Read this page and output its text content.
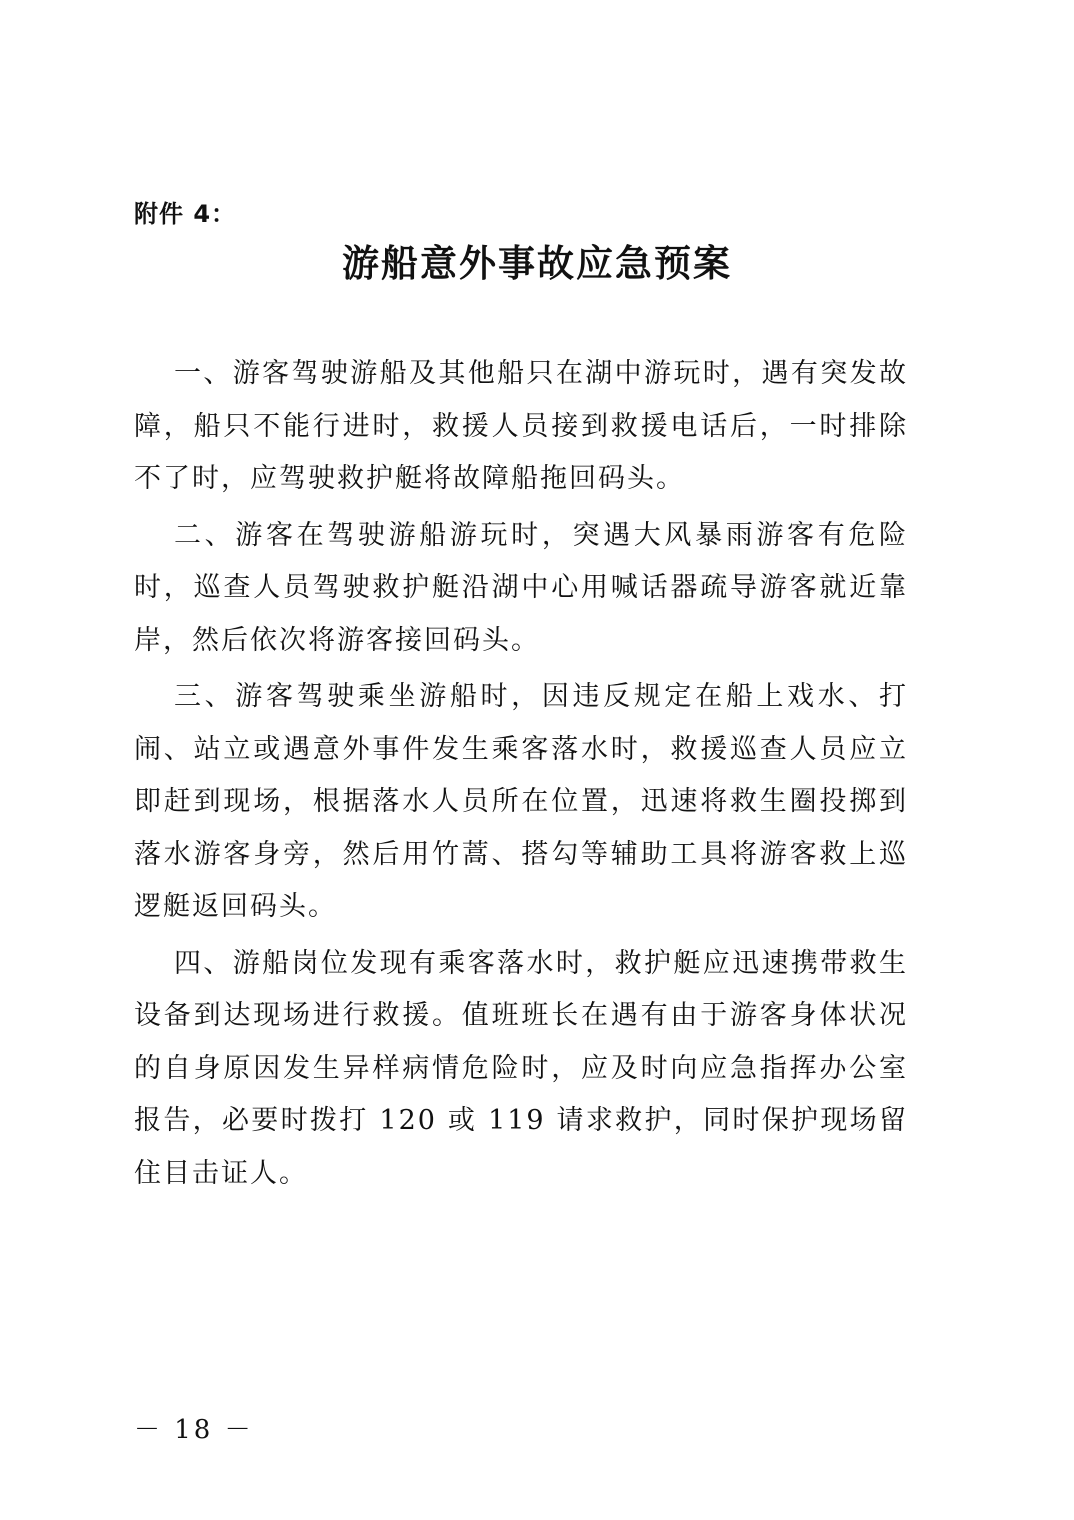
附件 4：

游船意外事故应急预案

一、游客驾驶游船及其他船只在湖中游玩时，遇有突发故障，船只不能行进时，救援人员接到救援电话后，一时排除不了时，应驾驶救护艇将故障船拖回码头。

二、游客在驾驶游船游玩时，突遇大风暴雨游客有危险时，巡查人员驾驶救护艇沿湖中心用喊话器疏导游客就近靠岸，然后依次将游客接回码头。

三、游客驾驶乘坐游船时，因违反规定在船上戏水、打闹、站立或遇意外事件发生乘客落水时，救援巡查人员应立即赶到现场，根据落水人员所在位置，迅速将救生圈投掷到落水游客身旁，然后用竹蒿、搭勾等辅助工具将游客救上巡逻艇返回码头。

四、游船岗位发现有乘客落水时，救护艇应迅速携带救生设备到达现场进行救援。值班班长在遇有由于游客身体状况的自身原因发生异样病情危险时，应及时向应急指挥办公室报告，必要时拨打 120 或 119 请求救护，同时保护现场留住目击证人。

－ 18 －
